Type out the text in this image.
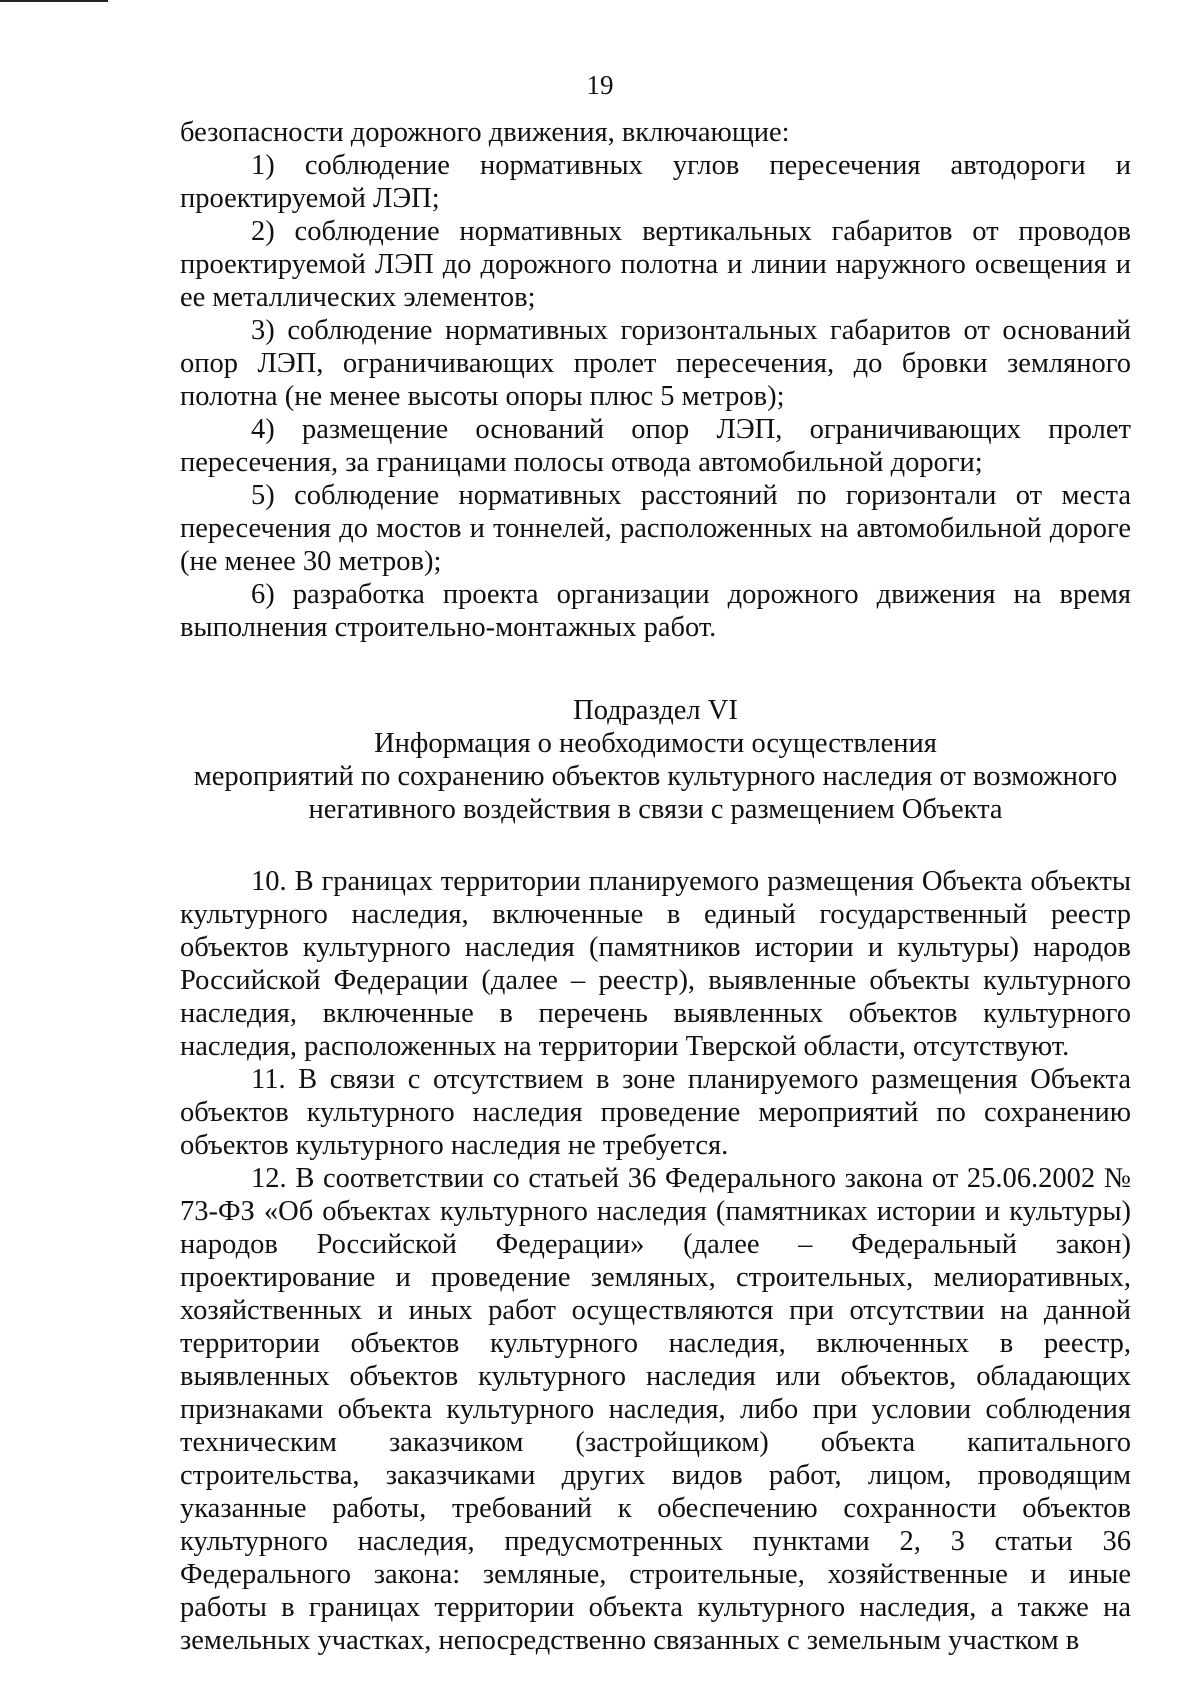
19

безопасности дорожного движения, включающие:

1) соблюдение нормативных углов пересечения автодороги и проектируемой ЛЭП;

2) соблюдение нормативных вертикальных габаритов от проводов проектируемой ЛЭП до дорожного полотна и линии наружного освещения и ее металлических элементов;

3) соблюдение нормативных горизонтальных габаритов от оснований опор ЛЭП, ограничивающих пролет пересечения, до бровки земляного полотна (не менее высоты опоры плюс 5 метров);

4) размещение оснований опор ЛЭП, ограничивающих пролет пересечения, за границами полосы отвода автомобильной дороги;

5) соблюдение нормативных расстояний по горизонтали от места пересечения до мостов и тоннелей, расположенных на автомобильной дороге (не менее 30 метров);

6) разработка проекта организации дорожного движения на время выполнения строительно-монтажных работ.

Подраздел VI

Информация о необходимости осуществления

мероприятий по сохранению объектов культурного наследия от возможного

негативного воздействия в связи с размещением Объекта

10. В границах территории планируемого размещения Объекта объекты культурного наследия, включенные в единый государственный реестр объектов культурного наследия (памятников истории и культуры) народов Российской Федерации (далее – реестр), выявленные объекты культурного наследия, включенные в перечень выявленных объектов культурного наследия, расположенных на территории Тверской области, отсутствуют.

11. В связи с отсутствием в зоне планируемого размещения Объекта объектов культурного наследия проведение мероприятий по сохранению объектов культурного наследия не требуется.

12. В соответствии со статьей 36 Федерального закона от 25.06.2002 № 73-ФЗ «Об объектах культурного наследия (памятниках истории и культуры) народов Российской Федерации» (далее – Федеральный закон) проектирование и проведение земляных, строительных, мелиоративных, хозяйственных и иных работ осуществляются при отсутствии на данной территории объектов культурного наследия, включенных в реестр, выявленных объектов культурного наследия или объектов, обладающих признаками объекта культурного наследия, либо при условии соблюдения техническим заказчиком (застройщиком) объекта капитального строительства, заказчиками других видов работ, лицом, проводящим указанные работы, требований к обеспечению сохранности объектов культурного наследия, предусмотренных пунктами 2, 3 статьи 36 Федерального закона: земляные, строительные, хозяйственные и иные работы в границах территории объекта культурного наследия, а также на земельных участках, непосредственно связанных с земельным участком в
